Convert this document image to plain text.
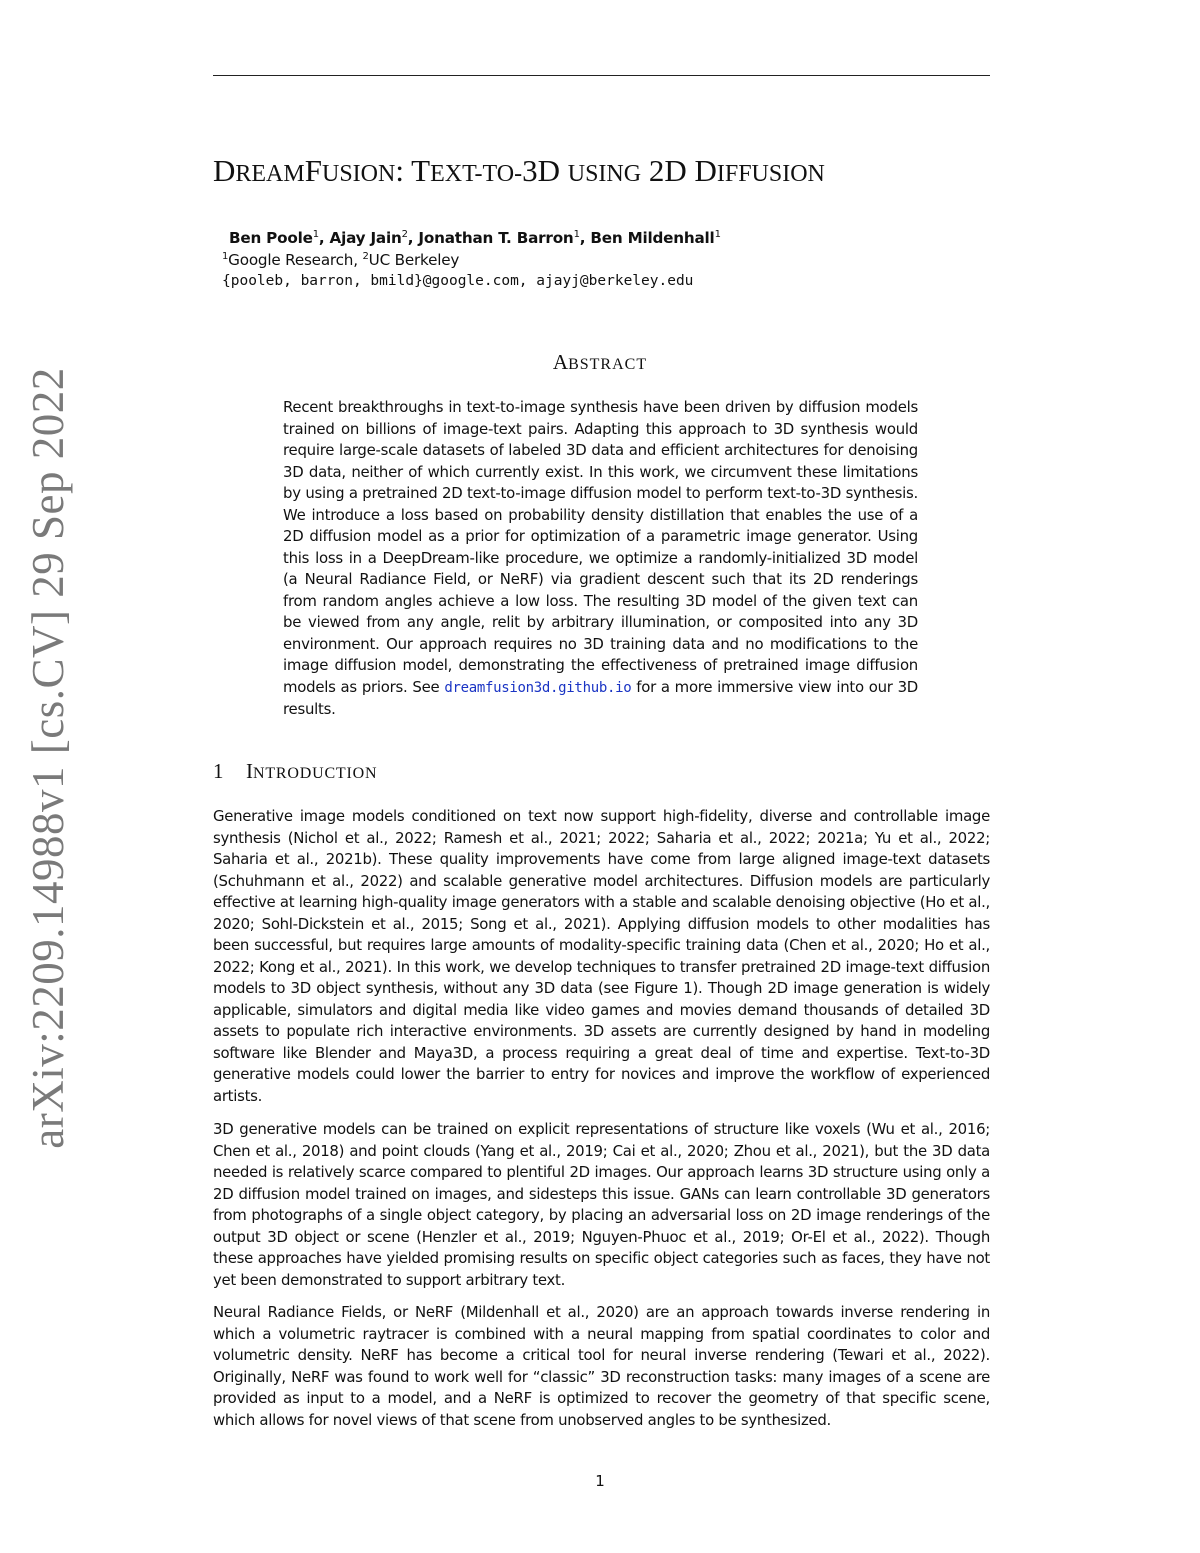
arXiv:2209.14988v1 [cs.CV] 29 Sep 2022
DREAMFUSION: TEXT-TO-3D USING 2D DIFFUSION
Ben Poole$^1$, Ajay Jain$^2$, Jonathan T. Barron$^1$, Ben Mildenhall$^1$
$^1$Google Research, $^2$UC Berkeley
{pooleb, barron, bmild}@google.com, ajayj@berkeley.edu
ABSTRACT

Recent breakthroughs in text-to-image synthesis have been driven by diffusion models trained on billions of image-text pairs. Adapting this approach to 3D synthesis would require large-scale datasets of labeled 3D data and efficient architectures for denoising 3D data, neither of which currently exist. In this work, we circumvent these limitations by using a pretrained 2D text-to-image diffusion model to perform text-to-3D synthesis. We introduce a loss based on probability density distillation that enables the use of a 2D diffusion model as a prior for optimization of a parametric image generator. Using this loss in a DeepDream-like procedure, we optimize a randomly-initialized 3D model (a Neural Radiance Field, or NeRF) via gradient descent such that its 2D renderings from random angles achieve a low loss. The resulting 3D model of the given text can be viewed from any angle, relit by arbitrary illumination, or composited into any 3D environment. Our approach requires no 3D training data and no modifications to the image diffusion model, demonstrating the effectiveness of pretrained image diffusion models as priors. See dreamfusion3d.github.io for a more immersive view into our 3D results.

1 INTRODUCTION

Generative image models conditioned on text now support high-fidelity, diverse and controllable image synthesis (Nichol et al., 2022; Ramesh et al., 2021; 2022; Saharia et al., 2022; 2021a; Yu et al., 2022; Saharia et al., 2021b). These quality improvements have come from large aligned image-text datasets (Schuhmann et al., 2022) and scalable generative model architectures. Diffusion models are particularly effective at learning high-quality image generators with a stable and scalable denoising objective (Ho et al., 2020; Sohl-Dickstein et al., 2015; Song et al., 2021). Applying diffusion models to other modalities has been successful, but requires large amounts of modality-specific training data (Chen et al., 2020; Ho et al., 2022; Kong et al., 2021). In this work, we develop techniques to transfer pretrained 2D image-text diffusion models to 3D object synthesis, without any 3D data (see Figure 1). Though 2D image generation is widely applicable, simulators and digital media like video games and movies demand thousands of detailed 3D assets to populate rich interactive environments. 3D assets are currently designed by hand in modeling software like Blender and Maya3D, a process requiring a great deal of time and expertise. Text-to-3D generative models could lower the barrier to entry for novices and improve the workflow of experienced artists.

3D generative models can be trained on explicit representations of structure like voxels (Wu et al., 2016; Chen et al., 2018) and point clouds (Yang et al., 2019; Cai et al., 2020; Zhou et al., 2021), but the 3D data needed is relatively scarce compared to plentiful 2D images. Our approach learns 3D structure using only a 2D diffusion model trained on images, and sidesteps this issue. GANs can learn controllable 3D generators from photographs of a single object category, by placing an adversarial loss on 2D image renderings of the output 3D object or scene (Henzler et al., 2019; Nguyen-Phuoc et al., 2019; Or-El et al., 2022). Though these approaches have yielded promising results on specific object categories such as faces, they have not yet been demonstrated to support arbitrary text.

Neural Radiance Fields, or NeRF (Mildenhall et al., 2020) are an approach towards inverse rendering in which a volumetric raytracer is combined with a neural mapping from spatial coordinates to color and volumetric density. NeRF has become a critical tool for neural inverse rendering (Tewari et al., 2022). Originally, NeRF was found to work well for “classic” 3D reconstruction tasks: many images of a scene are provided as input to a model, and a NeRF is optimized to recover the geometry of that specific scene, which allows for novel views of that scene from unobserved angles to be synthesized.

1
